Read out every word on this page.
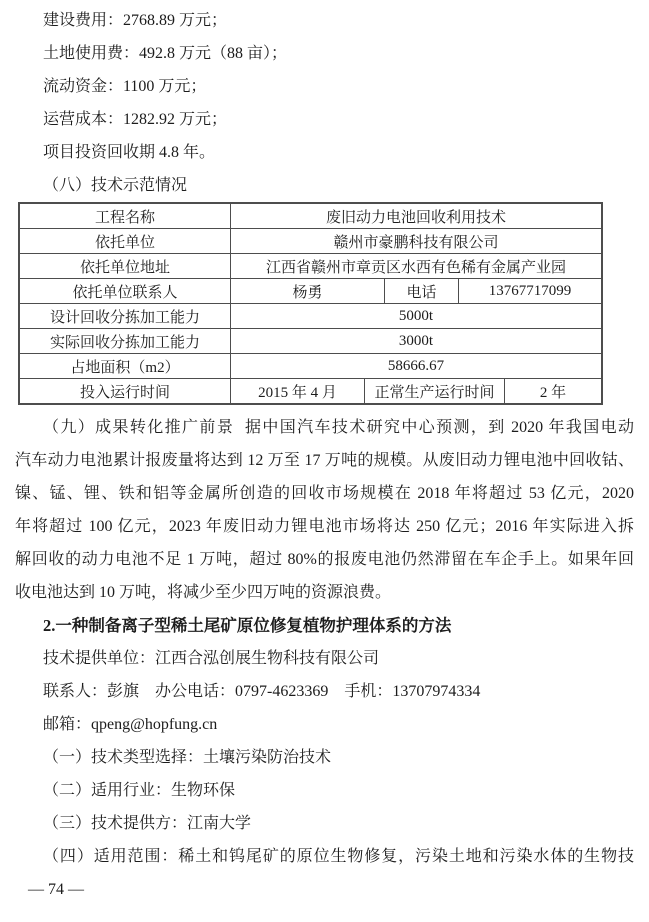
建设费用：2768.89 万元；
土地使用费：492.8 万元（88 亩）；
流动资金：1100 万元；
运营成本：1282.92 万元；
项目投资回收期 4.8 年。
（八）技术示范情况
工程名称	废旧动力电池回收利用技术
依托单位	赣州市豪鹏科技有限公司
依托单位地址	江西省赣州市章贡区水西有色稀有金属产业园
依托单位联系人	杨勇	电话	13767717099
设计回收分拣加工能力	5000t
实际回收分拣加工能力	3000t
占地面积（m2）	58666.67
投入运行时间	2015 年 4 月	正常生产运行时间	2 年
（九）成果转化推广前景  据中国汽车技术研究中心预测，到 2020 年我国电动
汽车动力电池累计报废量将达到 12 万至 17 万吨的规模。从废旧动力锂电池中回收钴、
镍、锰、锂、铁和铝等金属所创造的回收市场规模在 2018 年将超过 53 亿元，2020
年将超过 100 亿元，2023 年废旧动力锂电池市场将达 250 亿元；2016 年实际进入拆
解回收的动力电池不足 1 万吨，超过 80%的报废电池仍然滞留在车企手上。如果年回
收电池达到 10 万吨，将减少至少四万吨的资源浪费。
2.一种制备离子型稀土尾矿原位修复植物护理体系的方法
技术提供单位：江西合泓创展生物科技有限公司
联系人：彭旗    办公电话：0797-4623369    手机：13707974334
邮箱：qpeng@hopfung.cn
（一）技术类型选择：土壤污染防治技术
（二）适用行业：生物环保
（三）技术提供方：江南大学
（四）适用范围：稀土和钨尾矿的原位生物修复，污染土地和污染水体的生物技
— 74 —
